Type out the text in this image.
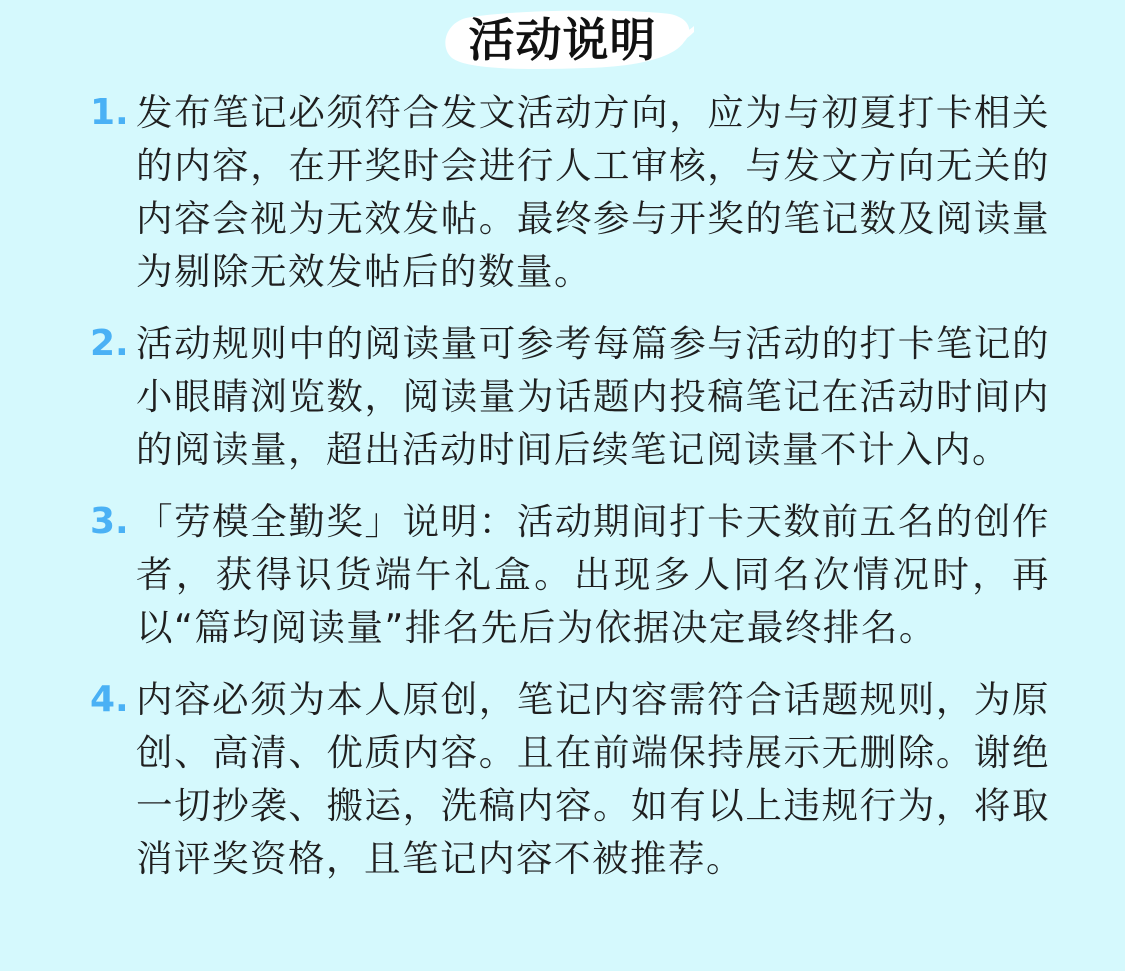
活动说明
1. 发布笔记必须符合发文活动方向，应为与初夏打卡相关的内容，在开奖时会进行人工审核，与发文方向无关的内容会视为无效发帖。最终参与开奖的笔记数及阅读量为剔除无效发帖后的数量。
2. 活动规则中的阅读量可参考每篇参与活动的打卡笔记的小眼睛浏览数，阅读量为话题内投稿笔记在活动时间内的阅读量，超出活动时间后续笔记阅读量不计入内。
3. 「劳模全勤奖」说明：活动期间打卡天数前五名的创作者，获得识货端午礼盒。出现多人同名次情况时，再以“篇均阅读量”排名先后为依据决定最终排名。
4. 内容必须为本人原创，笔记内容需符合话题规则，为原创、高清、优质内容。且在前端保持展示无删除。谢绝一切抄袭、搬运，洗稿内容。如有以上违规行为，将取消评奖资格，且笔记内容不被推荐。
